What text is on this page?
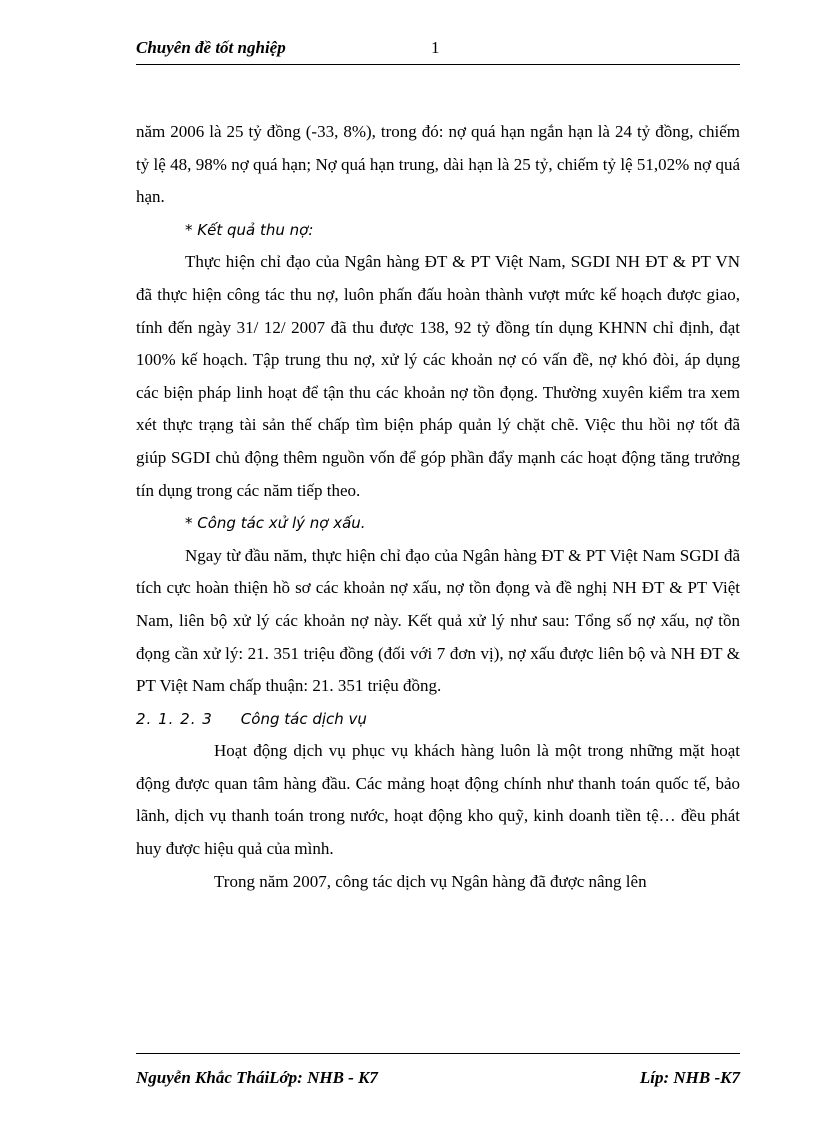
Chuyên đề tốt nghiệp	1

năm 2006 là 25 tỷ đồng (-33, 8%), trong đó: nợ quá hạn ngắn hạn là 24 tỷ đồng, chiếm tỷ lệ 48, 98% nợ quá hạn; Nợ quá hạn trung, dài hạn là 25 tỷ, chiếm tỷ lệ 51,02% nợ quá hạn.

* Kết quả thu nợ:

Thực hiện chỉ đạo của Ngân hàng ĐT & PT Việt Nam, SGDI NH ĐT & PT VN đã thực hiện công tác thu nợ, luôn phấn đấu hoàn thành vượt mức kế hoạch được giao, tính đến ngày 31/ 12/ 2007 đã thu được 138, 92 tỷ đồng tín dụng KHNN chỉ định, đạt 100% kế hoạch. Tập trung thu nợ, xử lý các khoản nợ có vấn đề, nợ khó đòi, áp dụng các biện pháp linh hoạt để tận thu các khoản nợ tồn đọng. Thường xuyên kiểm tra xem xét thực trạng tài sản thế chấp tìm biện pháp quản lý chặt chẽ. Việc thu hồi nợ tốt đã giúp SGDI chủ động thêm nguồn vốn để góp phần đẩy mạnh các hoạt động tăng trưởng tín dụng trong các năm tiếp theo.

* Công tác xử lý nợ xấu.

Ngay từ đầu năm, thực hiện chỉ đạo của Ngân hàng ĐT & PT Việt Nam SGDI đã tích cực hoàn thiện hồ sơ các khoản nợ xấu, nợ tồn đọng và đề nghị NH ĐT & PT Việt Nam, liên bộ xử lý các khoản nợ này. Kết quả xử lý như sau: Tổng số nợ xấu, nợ tồn đọng cần xử lý: 21. 351 triệu đồng (đối với 7 đơn vị), nợ xấu được liên bộ và NH ĐT & PT Việt Nam chấp thuận: 21. 351 triệu đồng.

2. 1. 2. 3 Công tác dịch vụ

Hoạt động dịch vụ phục vụ khách hàng luôn là một trong những mặt hoạt động được quan tâm hàng đầu. Các mảng hoạt động chính như thanh toán quốc tế, bảo lãnh, dịch vụ thanh toán trong nước, hoạt động kho quỹ, kinh doanh tiền tệ… đều phát huy được hiệu quả của mình.

Trong năm 2007, công tác dịch vụ Ngân hàng đã được nâng lên

Nguyễn Khắc TháiLớp: NHB - K7	Líp: NHB -K7
